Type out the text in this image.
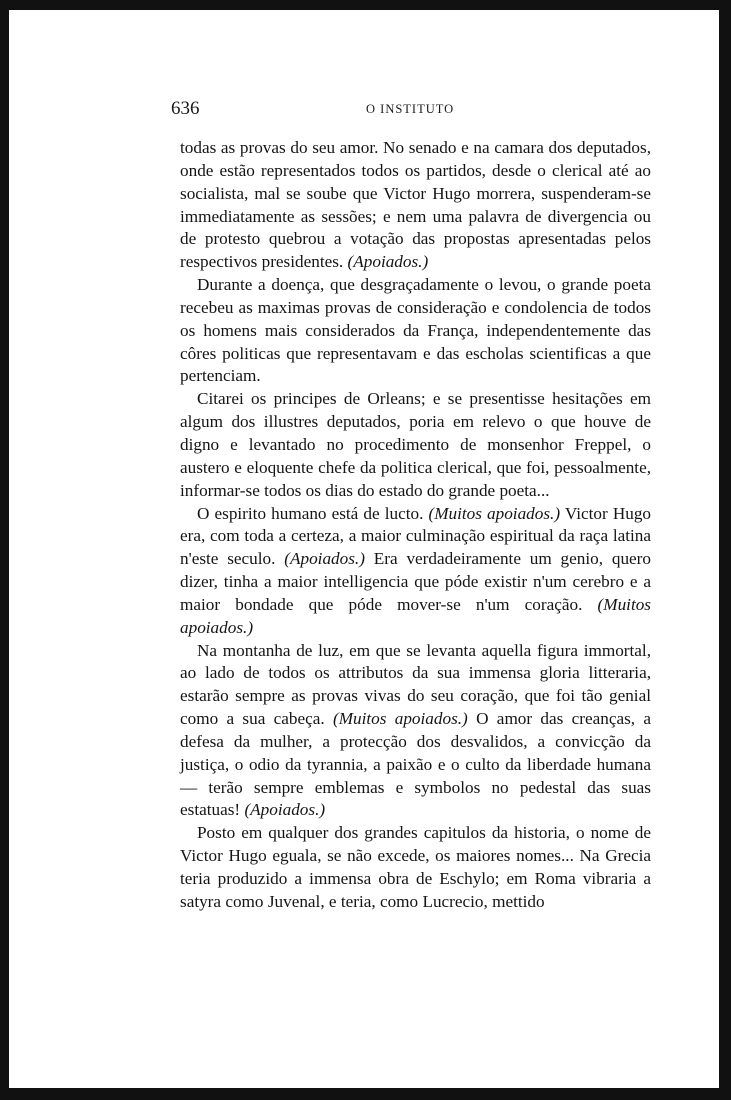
636	O INSTITUTO

todas as provas do seu amor. No senado e na camara dos deputados, onde estão representados todos os partidos, desde o clerical até ao socialista, mal se soube que Victor Hugo morrera, suspenderam-se immediatamente as sessões; e nem uma palavra de divergencia ou de protesto quebrou a votação das propostas apresentadas pelos respectivos presidentes. (Apoiados.)

Durante a doença, que desgraçadamente o levou, o grande poeta recebeu as maximas provas de consideração e condolencia de todos os homens mais considerados da França, independentemente das côres politicas que representavam e das escholas scientificas a que pertenciam.

Citarei os principes de Orleans; e se presentisse hesitações em algum dos illustres deputados, poria em relevo o que houve de digno e levantado no procedimento de monsenhor Freppel, o austero e eloquente chefe da politica clerical, que foi, pessoalmente, informar-se todos os dias do estado do grande poeta...

O espirito humano está de lucto. (Muitos apoiados.) Victor Hugo era, com toda a certeza, a maior culminação espiritual da raça latina n'este seculo. (Apoiados.) Era verdadeiramente um genio, quero dizer, tinha a maior intelligencia que póde existir n'um cerebro e a maior bondade que póde mover-se n'um coração. (Muitos apoiados.)

Na montanha de luz, em que se levanta aquella figura immortal, ao lado de todos os attributos da sua immensa gloria litteraria, estarão sempre as provas vivas do seu coração, que foi tão genial como a sua cabeça. (Muitos apoiados.) O amor das creanças, a defesa da mulher, a protecção dos desvalidos, a convicção da justiça, o odio da tyrannia, a paixão e o culto da liberdade humana — terão sempre emblemas e symbolos no pedestal das suas estatuas! (Apoiados.)

Posto em qualquer dos grandes capitulos da historia, o nome de Victor Hugo eguala, se não excede, os maiores nomes... Na Grecia teria produzido a immensa obra de Eschylo; em Roma vibraria a satyra como Juvenal, e teria, como Lucrecio, mettido
